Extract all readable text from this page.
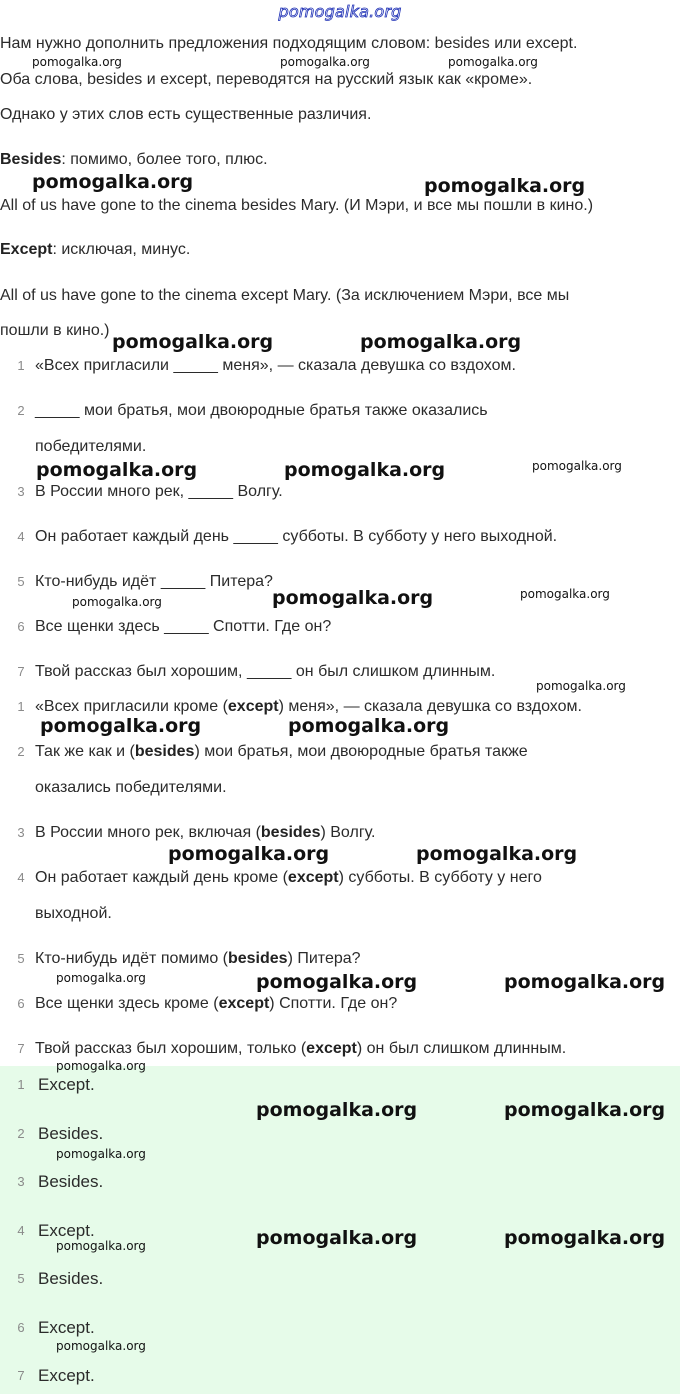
pomogalka.org
Нам нужно дополнить предложения подходящим словом: besides или except.
Оба слова, besides и except, переводятся на русский язык как «кроме».
Однако у этих слов есть существенные различия.
Besides: помимо, более того, плюс.
All of us have gone to the cinema besides Mary. (И Мэри, и все мы пошли в кино.)
Except: исключая, минус.
All of us have gone to the cinema except Mary. (За исключением Мэри, все мы
пошли в кино.)
1 «Всех пригласили _____ меня», — сказала девушка со вздохом.
2 _____ мои братья, мои двоюродные братья также оказались
победителями.
3 В России много рек, _____ Волгу.
4 Он работает каждый день _____ субботы. В субботу у него выходной.
5 Кто-нибудь идёт _____ Питера?
6 Все щенки здесь _____ Спотти. Где он?
7 Твой рассказ был хорошим, _____ он был слишком длинным.
1 «Всех пригласили кроме (except) меня», — сказала девушка со вздохом.
2 Так же как и (besides) мои братья, мои двоюродные братья также
оказались победителями.
3 В России много рек, включая (besides) Волгу.
4 Он работает каждый день кроме (except) субботы. В субботу у него
выходной.
5 Кто-нибудь идёт помимо (besides) Питера?
6 Все щенки здесь кроме (except) Спотти. Где он?
7 Твой рассказ был хорошим, только (except) он был слишком длинным.
1 Except.
2 Besides.
3 Besides.
4 Except.
5 Besides.
6 Except.
7 Except.
pomogalka.org	pomogalka.org	pomogalka.org
pomogalka.org	pomogalka.org
pomogalka.org	pomogalka.org
pomogalka.org	pomogalka.org	pomogalka.org
pomogalka.org	pomogalka.org	pomogalka.org
pomogalka.org
pomogalka.org	pomogalka.org
pomogalka.org	pomogalka.org
pomogalka.org	pomogalka.org	pomogalka.org
pomogalka.org
pomogalka.org	pomogalka.org
pomogalka.org
pomogalka.org	pomogalka.org	pomogalka.org
pomogalka.org
